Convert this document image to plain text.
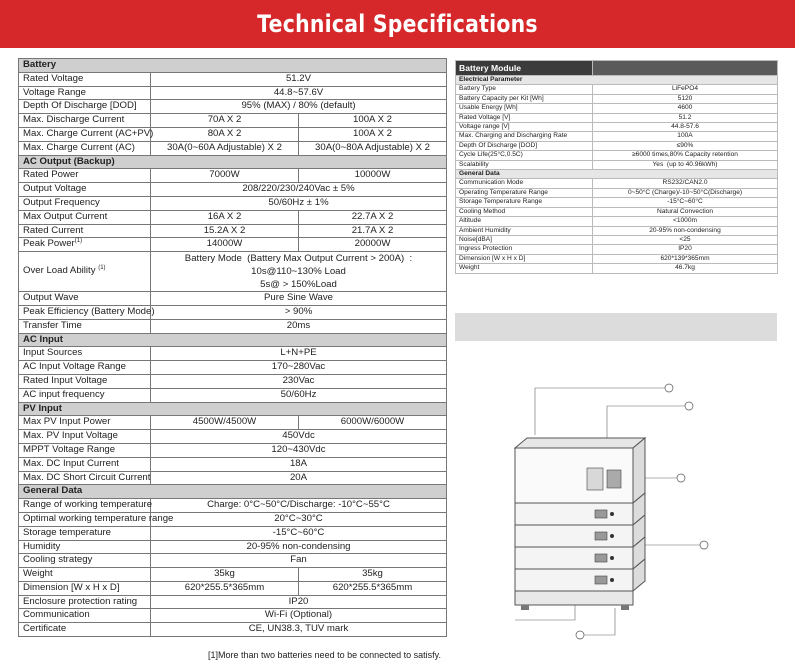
Technical Specifications
Battery		
Rated Voltage	51.2V	
Voltage Range	44.8~57.6V	
Depth Of Discharge [DOD]	95% (MAX) / 80% (default)	
Max. Discharge Current	70A X 2	100A X 2
Max. Charge Current (AC+PV)	80A X 2	100A X 2
Max. Charge Current (AC)	30A(0~60A Adjustable) X 2	30A(0~80A Adjustable) X 2
AC Output (Backup)		
Rated Power	7000W	10000W
Output Voltage	208/220/230/240Vac ± 5%	
Output Frequency	50/60Hz ± 1%	
Max Output Current	16A X 2	22.7A X 2
Rated Current	15.2A X 2	21.7A X 2
Peak Power$^{(1)}$	14000W	20000W
Over Load Ability $^{(1)}$	Battery Mode  (Battery Max Output Current > 200A)  :
10s@110~130% Load
5s@ > 150%Load	

Output Wave	Pure Sine Wave	
Peak Efficiency (Battery Mode)	> 90%	
Transfer Time	20ms	
AC Input		
Input Sources	L+N+PE	
AC Input Voltage Range	170~280Vac	
Rated Input Voltage	230Vac	
AC input frequency	50/60Hz	
PV Input		
Max PV Input Power	4500W/4500W	6000W/6000W
Max. PV Input Voltage	450Vdc	
MPPT Voltage Range	120~430Vdc	
Max. DC Input Current	18A	
Max. DC Short Circuit Current	20A	
General Data		
Range of working temperature	Charge: 0°C~50°C/Discharge: -10°C~55°C	
Optimal working temperature range	20°C~30°C	
Storage temperature	-15°C~60°C	
Humidity	20-95% non-condensing	
Cooling strategy	Fan	
Weight	35kg	35kg
Dimension [W x H x D]	620*255.5*365mm	620*255.5*365mm
Enclosure protection rating	IP20	
Communication	Wi-Fi (Optional)	
Certificate	CE, UN38.3, TUV mark	
Battery Module	
Electrical Parameter	
Battery Type	LiFePO4
Battery Capacity per Kit [Wh]	5120
Usable Energy [Wh]	4600
Rated Voltage [V]	51.2
Voltage range [V]	44.8-57.6
Max. Charging and Discharging Rate	100A
Depth Of Discharge [DOD]	≤90%
Cycle Life(25°C,0.5C)	≥6000 times,80% Capacity retention
Scalability	Yes  (up to 40.96kWh)
General Data	
Communication Mode	RS232/CAN2.0
Operating Temperature Range	0~50°C (Charge)/-10~50°C(Discharge)
Storage Temperature Range	-15°C~60°C
Cooling Method	Natural Convection
Altitude	<1000m
Ambient Humidity	20-95% non-condensing
Noise[dBA]	<25
Ingress Protection	IP20
Dimension [W x H x D]	620*139*365mm
Weight	46.7kg
[1]More than two batteries need to be connected to satisfy.
